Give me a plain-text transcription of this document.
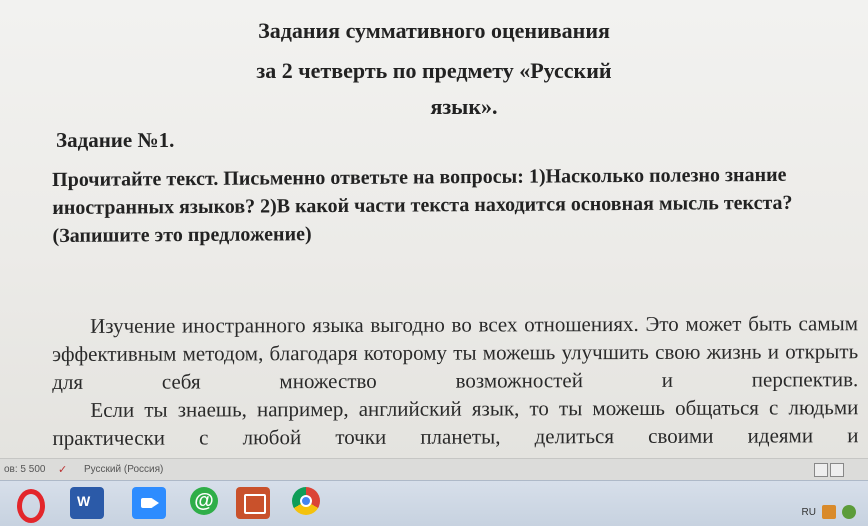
Задания суммативного оценивания
за 2 четверть по предмету «Русский
язык».
Задание №1.
Прочитайте текст. Письменно ответьте на вопросы: 1)Насколько полезно знание иностранных языков? 2)В какой части текста находится основная мысль текста? (Запишите это предложение)

Изучение иностранного языка выгодно во всех отношениях. Это может быть самым эффективным методом, благодаря которому ты можешь улучшить свою жизнь и открыть для себя множество возможностей и перспектив.

Если ты знаешь, например, английский язык, то ты можешь общаться с людьми практически с любой точки планеты, делиться своими идеями и

ов: 5 500 ✓ Русский (Россия)
W	@
RU
